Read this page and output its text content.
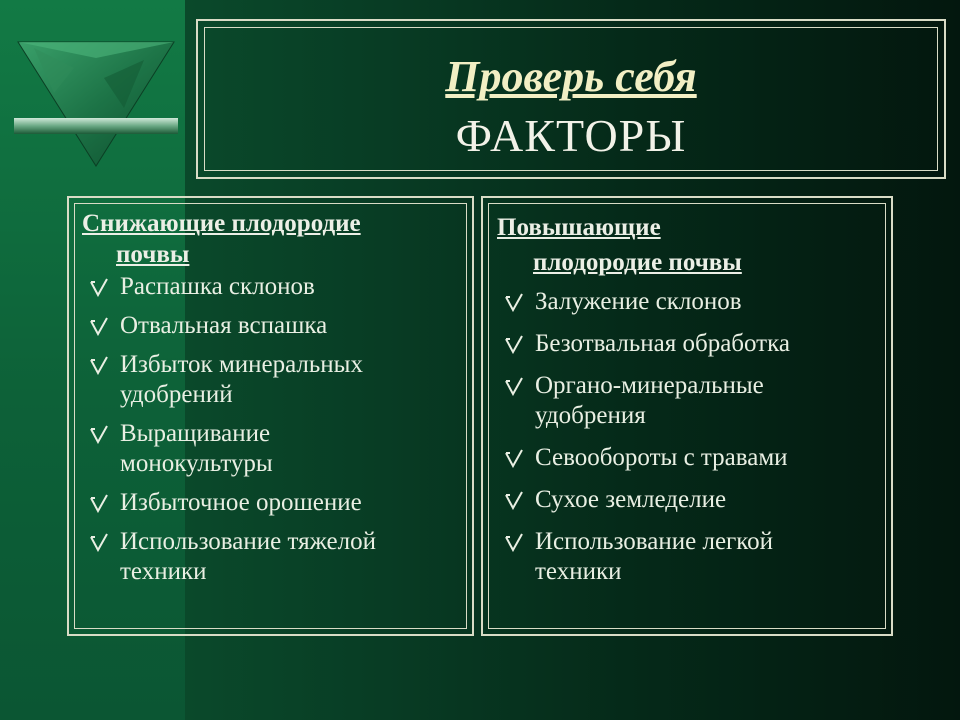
Проверь себя
ФАКТОРЫ
Снижающие плодородие
почвы
Распашка склонов
Отвальная вспашка
Избыток минеральных
удобрений
Выращивание
монокультуры
Избыточное орошение
Использование тяжелой
техники
Повышающие
плодородие почвы
Залужение склонов
Безотвальная обработка
Органо-минеральные
удобрения
Севообороты с травами
Сухое земледелие
Использование легкой
техники
